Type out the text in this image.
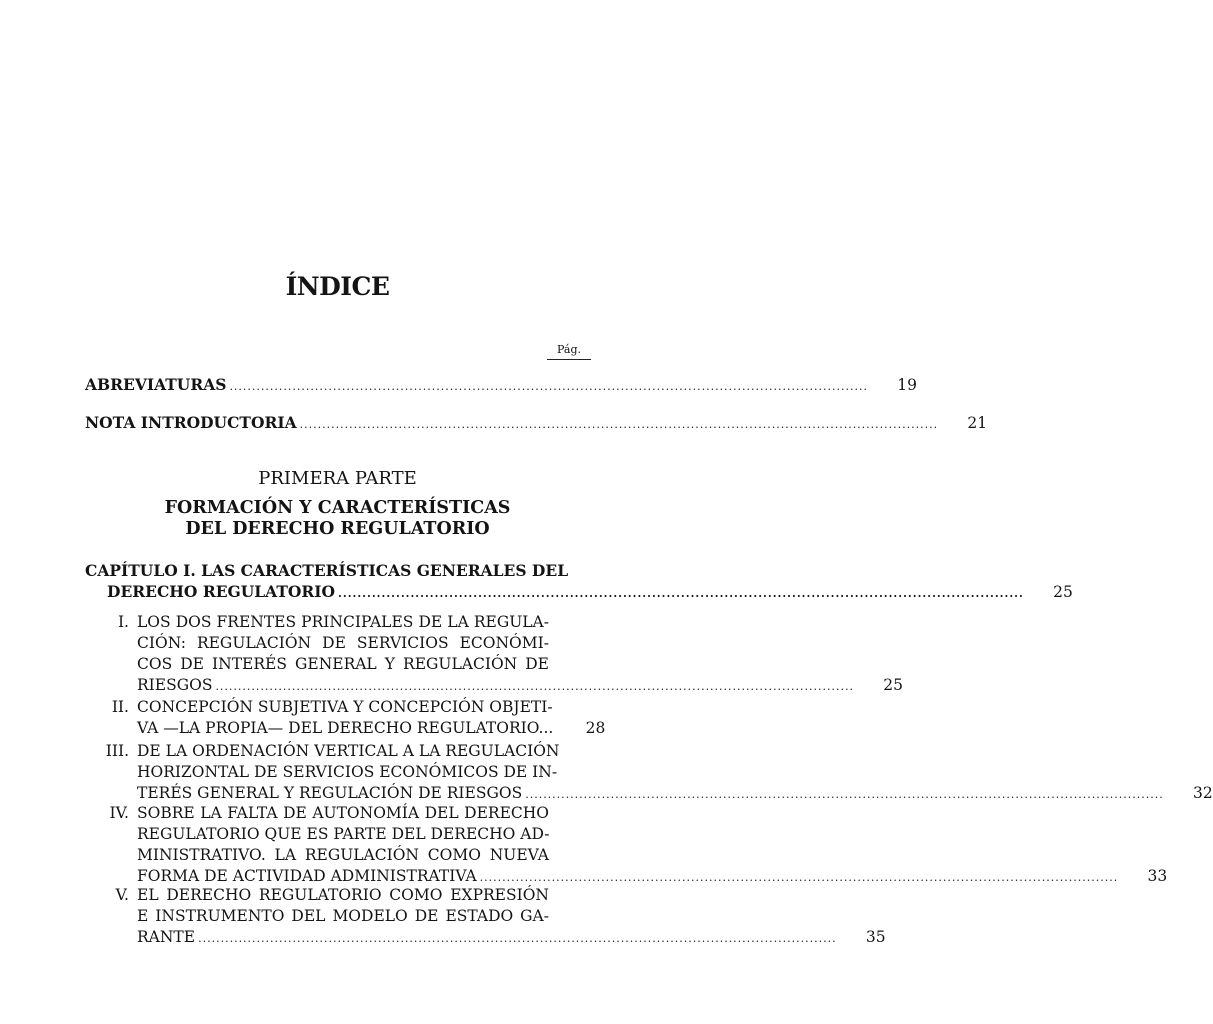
ÍNDICE
Pág.
ABREVIATURAS ..............................................................................................................................................	19
NOTA INTRODUCTORIA ..............................................................................................................................................	21
PRIMERA PARTE
FORMACIÓN Y CARACTERÍSTICAS
DEL DERECHO REGULATORIO
CAPÍTULO I. LAS CARACTERÍSTICAS GENERALES DEL
DERECHO REGULATORIO ..............................................................................................................................................	25
I. LOS DOS FRENTES PRINCIPALES DE LA REGULA-
CIÓN: REGULACIÓN DE SERVICIOS ECONÓMI-
COS DE INTERÉS GENERAL Y REGULACIÓN DE
RIESGOS ..............................................................................................................................................	25
II. CONCEPCIÓN SUBJETIVA Y CONCEPCIÓN OBJETI-
VA —LA PROPIA— DEL DERECHO REGULATORIO...	28
III. DE LA ORDENACIÓN VERTICAL A LA REGULACIÓN
HORIZONTAL DE SERVICIOS ECONÓMICOS DE IN-
TERÉS GENERAL Y REGULACIÓN DE RIESGOS ..............................................................................................................................................	32
IV. SOBRE LA FALTA DE AUTONOMÍA DEL DERECHO
REGULATORIO QUE ES PARTE DEL DERECHO AD-
MINISTRATIVO. LA REGULACIÓN COMO NUEVA
FORMA DE ACTIVIDAD ADMINISTRATIVA ..............................................................................................................................................	33
V. EL DERECHO REGULATORIO COMO EXPRESIÓN
E INSTRUMENTO DEL MODELO DE ESTADO GA-
RANTE ..............................................................................................................................................	35
